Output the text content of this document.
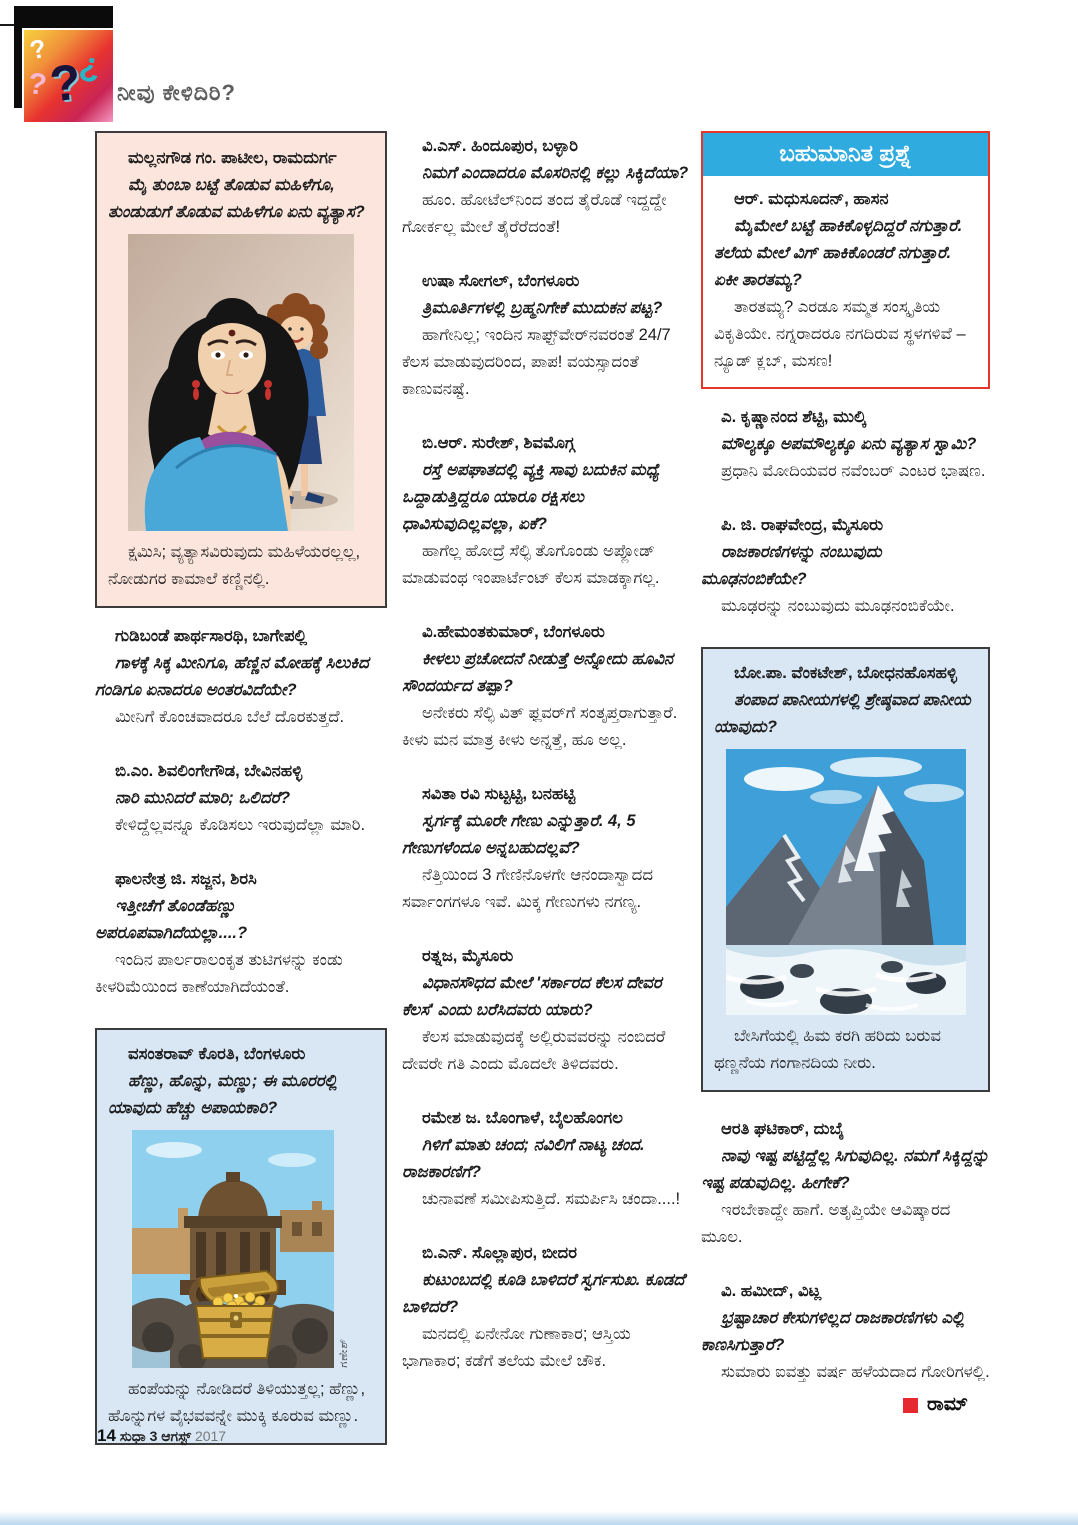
?
?
?
¿
ನೀವು ಕೇಳಿದಿರಿ?

ಮಲ್ಲನಗೌಡ ಗಂ. ಪಾಟೀಲ, ರಾಮದುರ್ಗ

ಮೈ ತುಂಬಾ ಬಟ್ಟೆ ತೊಡುವ ಮಹಿಳೆಗೂ, ತುಂಡುಡುಗೆ ತೊಡುವ ಮಹಿಳೆಗೂ ಏನು ವ್ಯತ್ಯಾಸ?

ಕ್ಷಮಿಸಿ; ವ್ಯತ್ಯಾಸವಿರುವುದು ಮಹಿಳೆಯರಲ್ಲಲ್ಲ, ನೋಡುಗರ ಕಾಮಾಲೆ ಕಣ್ಣಿನಲ್ಲಿ.

ಗುಡಿಬಂಡೆ ಪಾರ್ಥಸಾರಥಿ, ಬಾಗೇಪಲ್ಲಿ

ಗಾಳಕ್ಕೆ ಸಿಕ್ಕ ಮೀನಿಗೂ, ಹೆಣ್ಣಿನ ಮೋಹಕ್ಕೆ ಸಿಲುಕಿದ ಗಂಡಿಗೂ ಏನಾದರೂ ಅಂತರವಿದೆಯೇ?

ಮೀನಿಗೆ ಕೊಂಚವಾದರೂ ಬೆಲೆ ದೊರಕುತ್ತದೆ.

ಬಿ.ಎಂ. ಶಿವಲಿಂಗೇಗೌಡ, ಬೇವಿನಹಳ್ಳಿ

ನಾರಿ ಮುನಿದರೆ ಮಾರಿ; ಒಲಿದರೆ?

ಕೇಳಿದ್ದೆಲ್ಲವನ್ನೂ ಕೊಡಿಸಲು ಇರುವುದೆಲ್ಲಾ ಮಾರಿ.

ಫಾಲನೇತ್ರ ಜಿ. ಸಜ್ಜನ, ಶಿರಸಿ

ಇತ್ತೀಚೆಗೆ ತೊಂಡೆಹಣ್ಣು ಅಪರೂಪವಾಗಿದೆಯಲ್ಲಾ....?

ಇಂದಿನ ಪಾರ್ಲರಾಲಂಕೃತ ತುಟಿಗಳನ್ನು ಕಂಡು ಕೀಳರಿಮೆಯಿಂದ ಕಾಣೆಯಾಗಿದೆಯಂತೆ.

ವಸಂತರಾವ್ ಕೊರತಿ, ಬೆಂಗಳೂರು

ಹೆಣ್ಣು, ಹೊನ್ನು, ಮಣ್ಣು; ಈ ಮೂರರಲ್ಲಿ ಯಾವುದು ಹೆಚ್ಚು ಅಪಾಯಕಾರಿ?

ಗಣೇಶ್

ಹಂಪೆಯನ್ನು ನೋಡಿದರೆ ತಿಳಿಯುತ್ತಲ್ಲ; ಹೆಣ್ಣು, ಹೊನ್ನುಗಳ ವೈಭವವನ್ನೇ ಮುಕ್ಕಿ ಕೂರುವ ಮಣ್ಣು.

ವಿ.ಎಸ್. ಹಿಂದೂಪುರ, ಬಳ್ಳಾರಿ

ನಿಮಗೆ ಎಂದಾದರೂ ಮೊಸರಿನಲ್ಲಿ ಕಲ್ಲು ಸಿಕ್ಕಿದೆಯಾ?

ಹೂಂ. ಹೋಟೆಲ್‌ನಿಂದ ತಂದ ತೈರೊಡೆ ಇದ್ದದ್ದೇ ಗೋರ್ಕಲ್ಲ ಮೇಲೆ ತೈರೆರೆದಂತೆ!

ಉಷಾ ಸೋಗಲ್, ಬೆಂಗಳೂರು

ತ್ರಿಮೂರ್ತಿಗಳಲ್ಲಿ ಬ್ರಹ್ಮನಿಗೇಕೆ ಮುದುಕನ ಪಟ್ಟ?

ಹಾಗೇನಿಲ್ಲ; ಇಂದಿನ ಸಾಫ್ಟ್‌ವೇರ್‌ನವರಂತೆ 24/7 ಕೆಲಸ ಮಾಡುವುದರಿಂದ, ಪಾಪ! ವಯಸ್ಸಾದಂತೆ ಕಾಣುವನಷ್ಟೆ.

ಬಿ.ಆರ್. ಸುರೇಶ್, ಶಿವಮೊಗ್ಗ

ರಸ್ತೆ ಅಪಘಾತದಲ್ಲಿ ವ್ಯಕ್ತಿ ಸಾವು ಬದುಕಿನ ಮಧ್ಯೆ ಒದ್ದಾಡುತ್ತಿದ್ದರೂ ಯಾರೂ ರಕ್ಷಿಸಲು ಧಾವಿಸುವುದಿಲ್ಲವಲ್ಲಾ, ಏಕೆ?

ಹಾಗೆಲ್ಲ ಹೋದ್ರೆ ಸೆಲ್ಫಿ ತೊಗೊಂಡು ಅಪ್ಲೋಡ್ ಮಾಡುವಂಥ ಇಂಪಾರ್ಟೆಂಟ್ ಕೆಲಸ ಮಾಡಕ್ಕಾಗಲ್ಲ.

ವಿ.ಹೇಮಂತಕುಮಾರ್, ಬೆಂಗಳೂರು

ಕೀಳಲು ಪ್ರಚೋದನೆ ನೀಡುತ್ತೆ ಅನ್ನೋದು ಹೂವಿನ ಸೌಂದರ್ಯದ ತಪ್ಪಾ?

ಅನೇಕರು ಸೆಲ್ಫಿ ವಿತ್ ಫ್ಲವರ್‌ಗೆ ಸಂತೃಪ್ತರಾಗುತ್ತಾರೆ. ಕೀಳು ಮನ ಮಾತ್ರ ಕೀಳು ಅನ್ನತ್ತೆ, ಹೂ ಅಲ್ಲ.

ಸವಿತಾ ರವಿ ಸುಟ್ಟಟ್ಟಿ, ಬನಹಟ್ಟಿ

ಸ್ವರ್ಗಕ್ಕೆ ಮೂರೇ ಗೇಣು ಎನ್ನುತ್ತಾರೆ. 4, 5 ಗೇಣುಗಳೆಂದೂ ಅನ್ನಬಹುದಲ್ಲವೆ?

ನೆತ್ತಿಯಿಂದ 3 ಗೇಣಿನೊಳಗೇ ಆನಂದಾಸ್ವಾದದ ಸರ್ವಾಂಗಗಳೂ ಇವೆ. ಮಿಕ್ಕ ಗೇಣುಗಳು ನಗಣ್ಯ.

ರತ್ನಜ, ಮೈಸೂರು

ವಿಧಾನಸೌಧದ ಮೇಲೆ 'ಸರ್ಕಾರದ ಕೆಲಸ ದೇವರ ಕೆಲಸ' ಎಂದು ಬರೆಸಿದವರು ಯಾರು?

ಕೆಲಸ ಮಾಡುವುದಕ್ಕೆ ಅಲ್ಲಿರುವವರನ್ನು ನಂಬಿದರೆ ದೇವರೇ ಗತಿ ಎಂದು ಮೊದಲೇ ತಿಳಿದವರು.

ರಮೇಶ ಜ. ಬೊಂಗಾಳೆ, ಬೈಲಹೊಂಗಲ

ಗಿಳಿಗೆ ಮಾತು ಚಂದ; ನವಿಲಿಗೆ ನಾಟ್ಯ ಚಂದ. ರಾಜಕಾರಣಿಗೆ?

ಚುನಾವಣೆ ಸಮೀಪಿಸುತ್ತಿದೆ. ಸಮರ್ಪಿಸಿ ಚಂದಾ....!

ಬಿ.ಎನ್. ಸೊಲ್ಲಾಪುರ, ಬೀದರ

ಕುಟುಂಬದಲ್ಲಿ ಕೂಡಿ ಬಾಳಿದರೆ ಸ್ವರ್ಗಸುಖ. ಕೂಡದೆ ಬಾಳಿದರೆ?

ಮನದಲ್ಲಿ ಏನೇನೋ ಗುಣಾಕಾರ; ಆಸ್ತಿಯ ಭಾಗಾಕಾರ; ಕಡೆಗೆ ತಲೆಯ ಮೇಲೆ ಚೌಕ.

ಬಹುಮಾನಿತ ಪ್ರಶ್ನೆ

ಆರ್. ಮಧುಸೂದನ್, ಹಾಸನ

ಮೈಮೇಲೆ ಬಟ್ಟೆ ಹಾಕಿಕೊಳ್ಳದಿದ್ದರೆ ನಗುತ್ತಾರೆ. ತಲೆಯ ಮೇಲೆ ವಿಗ್ ಹಾಕಿಕೊಂಡರೆ ನಗುತ್ತಾರೆ. ಏಕೀ ತಾರತಮ್ಯ?

ತಾರತಮ್ಯ? ಎರಡೂ ಸಮ್ಮತ ಸಂಸ್ಕೃತಿಯ ವಿಕೃತಿಯೇ. ನಗ್ನರಾದರೂ ನಗದಿರುವ ಸ್ಥಳಗಳಿವೆ – ನ್ಯೂಡ್ ಕ್ಲಬ್, ಮಸಣ!

ಎ. ಕೃಷ್ಣಾನಂದ ಶೆಟ್ಟಿ, ಮುಲ್ಕಿ

ಮೌಲ್ಯಕ್ಕೂ ಅಪಮೌಲ್ಯಕ್ಕೂ ಏನು ವ್ಯತ್ಯಾಸ ಸ್ವಾಮಿ?

ಪ್ರಧಾನಿ ಮೋದಿಯವರ ನವೆಂಬರ್ ಎಂಟರ ಭಾಷಣ.

ಪಿ. ಜಿ. ರಾಘವೇಂದ್ರ, ಮೈಸೂರು

ರಾಜಕಾರಣಿಗಳನ್ನು ನಂಬುವುದು ಮೂಢನಂಬಿಕೆಯೇ?

ಮೂಢರನ್ನು ನಂಬುವುದು ಮೂಢನಂಬಿಕೆಯೇ.

ಬೋ.ಪಾ. ವೆಂಕಟೇಶ್, ಬೋಧನಹೊಸಹಳ್ಳಿ

ತಂಪಾದ ಪಾನೀಯಗಳಲ್ಲಿ ಶ್ರೇಷ್ಠವಾದ ಪಾನೀಯ ಯಾವುದು?

ಬೇಸಿಗೆಯಲ್ಲಿ ಹಿಮ ಕರಗಿ ಹರಿದು ಬರುವ ಥಣ್ಣನೆಯ ಗಂಗಾನದಿಯ ನೀರು.

ಆರತಿ ಘಟಿಕಾರ್, ದುಬೈ

ನಾವು ಇಷ್ಟ ಪಟ್ಟಿದ್ದೆಲ್ಲ ಸಿಗುವುದಿಲ್ಲ. ನಮಗೆ ಸಿಕ್ಕಿದ್ದನ್ನು ಇಷ್ಟ ಪಡುವುದಿಲ್ಲ. ಹೀಗೇಕೆ?

ಇರಬೇಕಾದ್ದೇ ಹಾಗೆ. ಅತೃಪ್ತಿಯೇ ಆವಿಷ್ಕಾರದ ಮೂಲ.

ವಿ. ಹಮೀದ್, ವಿಟ್ಲ

ಭ್ರಷ್ಟಾಚಾರ ಕೇಸುಗಳಿಲ್ಲದ ರಾಜಕಾರಣಿಗಳು ಎಲ್ಲಿ ಕಾಣಸಿಗುತ್ತಾರೆ?

ಸುಮಾರು ಐವತ್ತು ವರ್ಷ ಹಳೆಯದಾದ ಗೋರಿಗಳಲ್ಲಿ.

14 ಸುಧಾ 3 ಆಗಸ್ಟ್ 2017
ರಾಮ್
